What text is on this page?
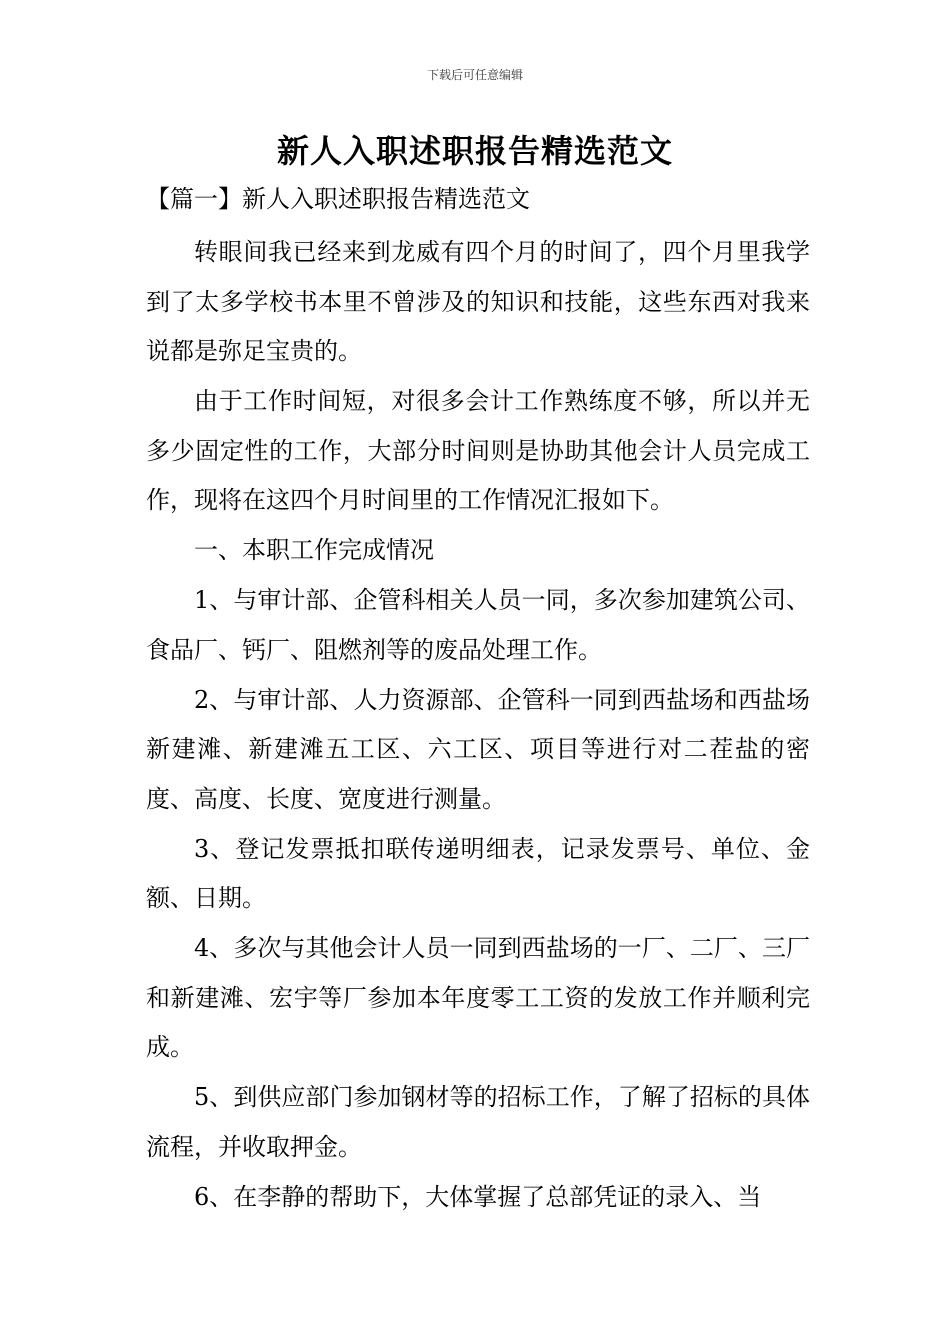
下载后可任意编辑
新人入职述职报告精选范文
【篇一】新人入职述职报告精选范文

转眼间我已经来到龙威有四个月的时间了，四个月里我学到了太多学校书本里不曾涉及的知识和技能，这些东西对我来说都是弥足宝贵的。

由于工作时间短，对很多会计工作熟练度不够，所以并无多少固定性的工作，大部分时间则是协助其他会计人员完成工作，现将在这四个月时间里的工作情况汇报如下。

一、本职工作完成情况

1、与审计部、企管科相关人员一同，多次参加建筑公司、食品厂、钙厂、阻燃剂等的废品处理工作。

2、与审计部、人力资源部、企管科一同到西盐场和西盐场新建滩、新建滩五工区、六工区、项目等进行对二茬盐的密度、高度、长度、宽度进行测量。

3、登记发票抵扣联传递明细表，记录发票号、单位、金额、日期。

4、多次与其他会计人员一同到西盐场的一厂、二厂、三厂和新建滩、宏宇等厂参加本年度零工工资的发放工作并顺利完成。

5、到供应部门参加钢材等的招标工作，了解了招标的具体流程，并收取押金。

6、在李静的帮助下，大体掌握了总部凭证的录入、当
